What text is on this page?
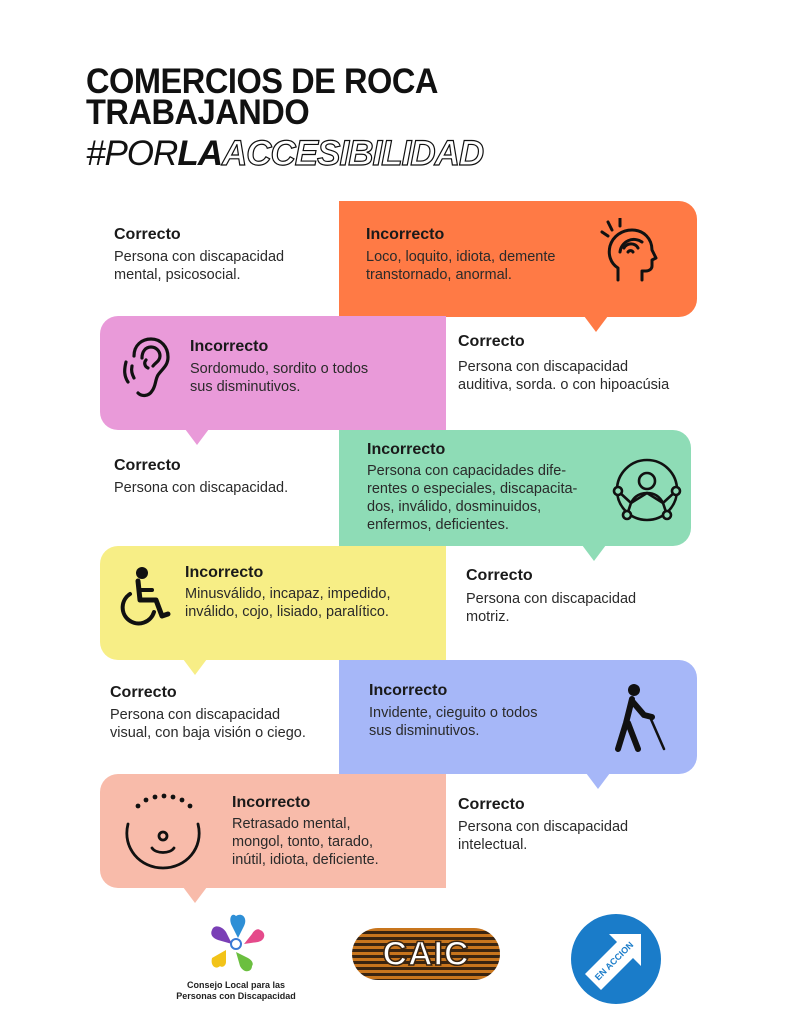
COMERCIOS DE ROCA
TRABAJANDO
#PORLAACCESIBILIDAD
Correcto
Persona con discapacidad
mental, psicosocial.
Incorrecto
Loco, loquito, idiota, demente
transtornado, anormal.
Incorrecto
Sordomudo, sordito o todos
sus disminutivos.
Correcto
Persona con discapacidad
auditiva, sorda. o con hipoacúsia
Correcto
Persona con discapacidad.
Incorrecto
Persona con capacidades dife-
rentes o especiales, discapacita-
dos, inválido, dosminuidos,
enfermos, deficientes.
Incorrecto
Minusválido, incapaz, impedido,
inválido, cojo, lisiado, paralítico.
Correcto
Persona con discapacidad
motriz.
Correcto
Persona con discapacidad
visual, con baja visión o ciego.
Incorrecto
Invidente, cieguito o todos
sus disminutivos.
Incorrecto
Retrasado mental,
mongol, tonto, tarado,
inútil, idiota, deficiente.
Correcto
Persona con discapacidad
intelectual.
Consejo Local para las
Personas con Discapacidad
CAIC	EN ACCION
